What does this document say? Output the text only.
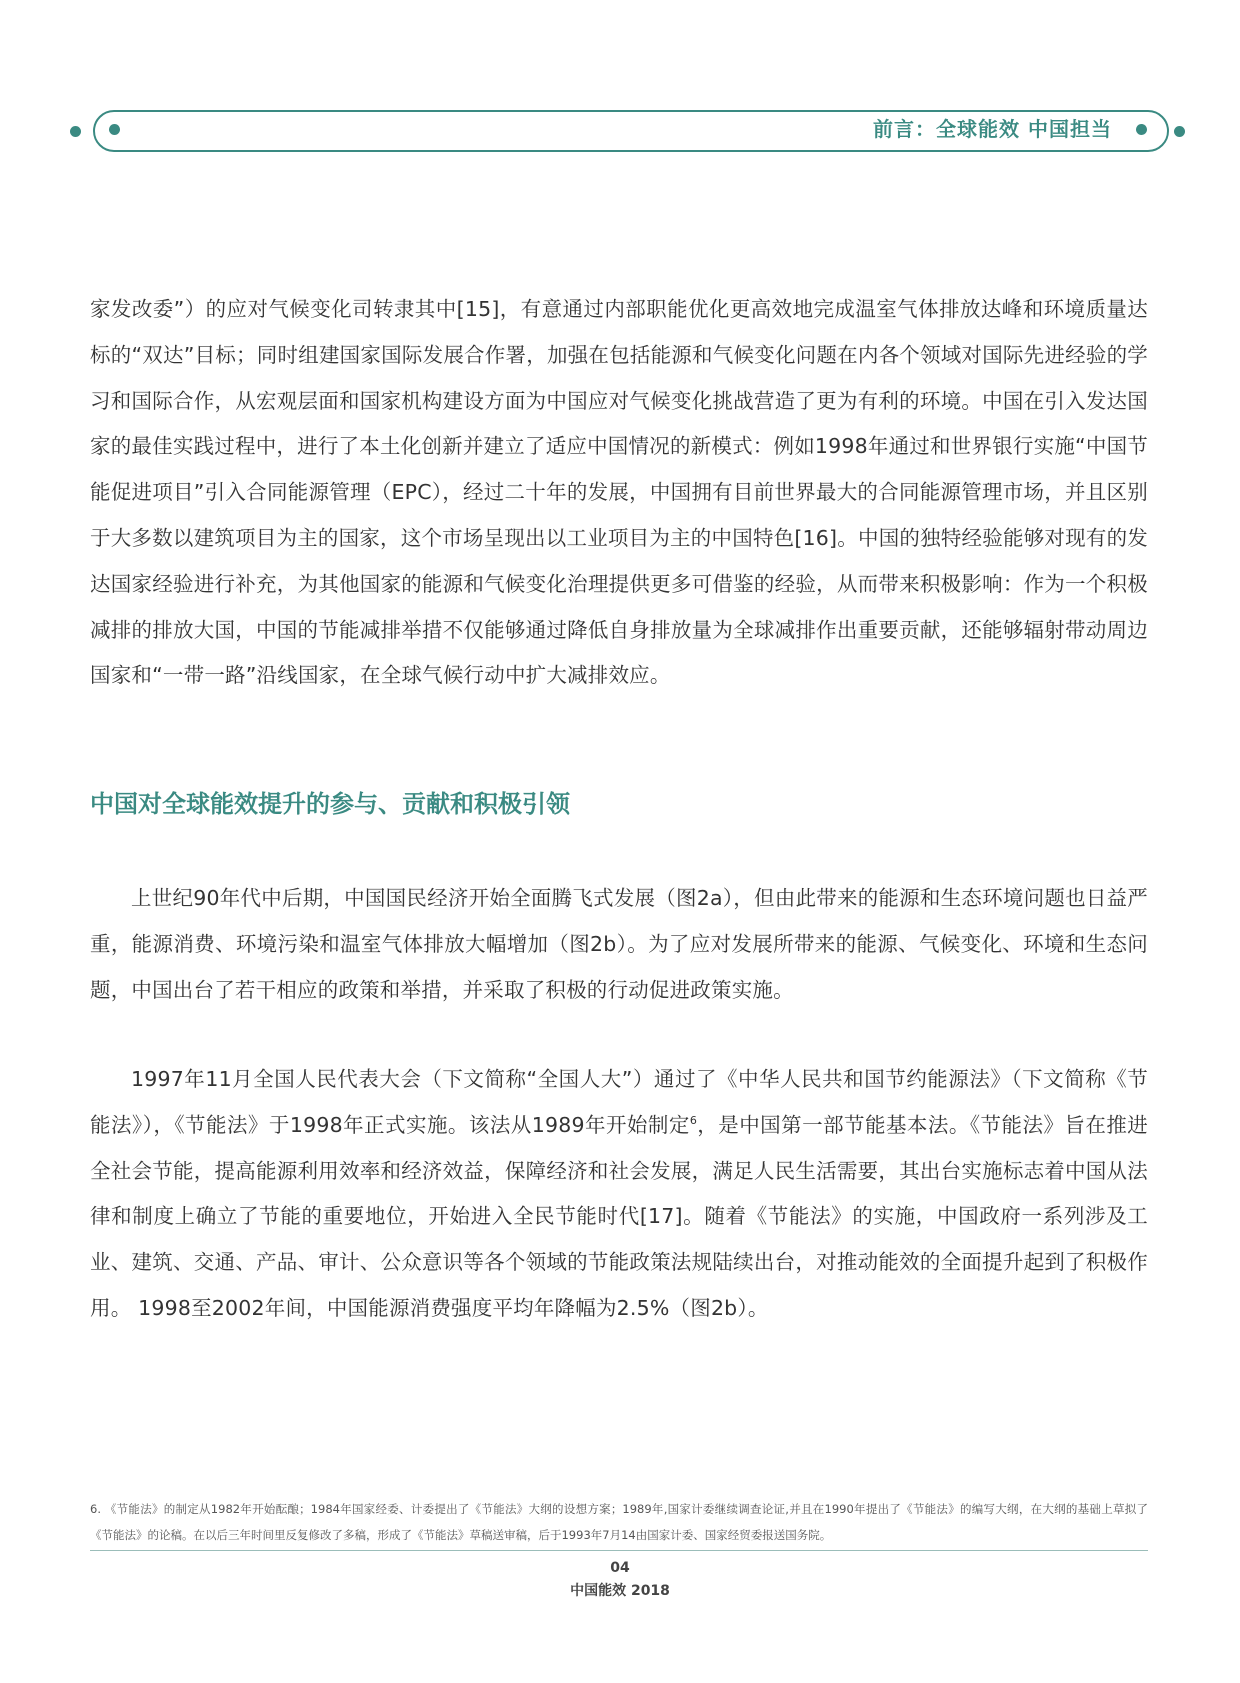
前言：全球能效 中国担当

家发改委”）的应对气候变化司转隶其中[15]，有意通过内部职能优化更高效地完成温室气体排放达峰和环境质量达标的“双达”目标；同时组建国家国际发展合作署，加强在包括能源和气候变化问题在内各个领域对国际先进经验的学习和国际合作，从宏观层面和国家机构建设方面为中国应对气候变化挑战营造了更为有利的环境。中国在引入发达国家的最佳实践过程中，进行了本土化创新并建立了适应中国情况的新模式：例如1998年通过和世界银行实施“中国节能促进项目”引入合同能源管理（EPC），经过二十年的发展，中国拥有目前世界最大的合同能源管理市场，并且区别于大多数以建筑项目为主的国家，这个市场呈现出以工业项目为主的中国特色[16]。中国的独特经验能够对现有的发达国家经验进行补充，为其他国家的能源和气候变化治理提供更多可借鉴的经验，从而带来积极影响：作为一个积极减排的排放大国，中国的节能减排举措不仅能够通过降低自身排放量为全球减排作出重要贡献，还能够辐射带动周边国家和“一带一路”沿线国家，在全球气候行动中扩大减排效应。

中国对全球能效提升的参与、贡献和积极引领

上世纪90年代中后期，中国国民经济开始全面腾飞式发展（图2a），但由此带来的能源和生态环境问题也日益严重，能源消费、环境污染和温室气体排放大幅增加（图2b）。为了应对发展所带来的能源、气候变化、环境和生态问题，中国出台了若干相应的政策和举措，并采取了积极的行动促进政策实施。

1997年11月全国人民代表大会（下文简称“全国人大”）通过了《中华人民共和国节约能源法》（下文简称《节能法》），《节能法》于1998年正式实施。该法从1989年开始制定$^6$，是中国第一部节能基本法。《节能法》旨在推进全社会节能，提高能源利用效率和经济效益，保障经济和社会发展，满足人民生活需要，其出台实施标志着中国从法律和制度上确立了节能的重要地位，开始进入全民节能时代[17]。随着《节能法》的实施，中国政府一系列涉及工业、建筑、交通、产品、审计、公众意识等各个领域的节能政策法规陆续出台，对推动能效的全面提升起到了积极作用。 1998至2002年间，中国能源消费强度平均年降幅为2.5%（图2b）。

6. 《节能法》的制定从1982年开始酝酿；1984年国家经委、计委提出了《节能法》大纲的设想方案；1989年,国家计委继续调查论证,并且在1990年提出了《节能法》的编写大纲，在大纲的基础上草拟了《节能法》的论稿。在以后三年时间里反复修改了多稿，形成了《节能法》草稿送审稿，后于1993年7月14由国家计委、国家经贸委报送国务院。
04
中国能效 2018
